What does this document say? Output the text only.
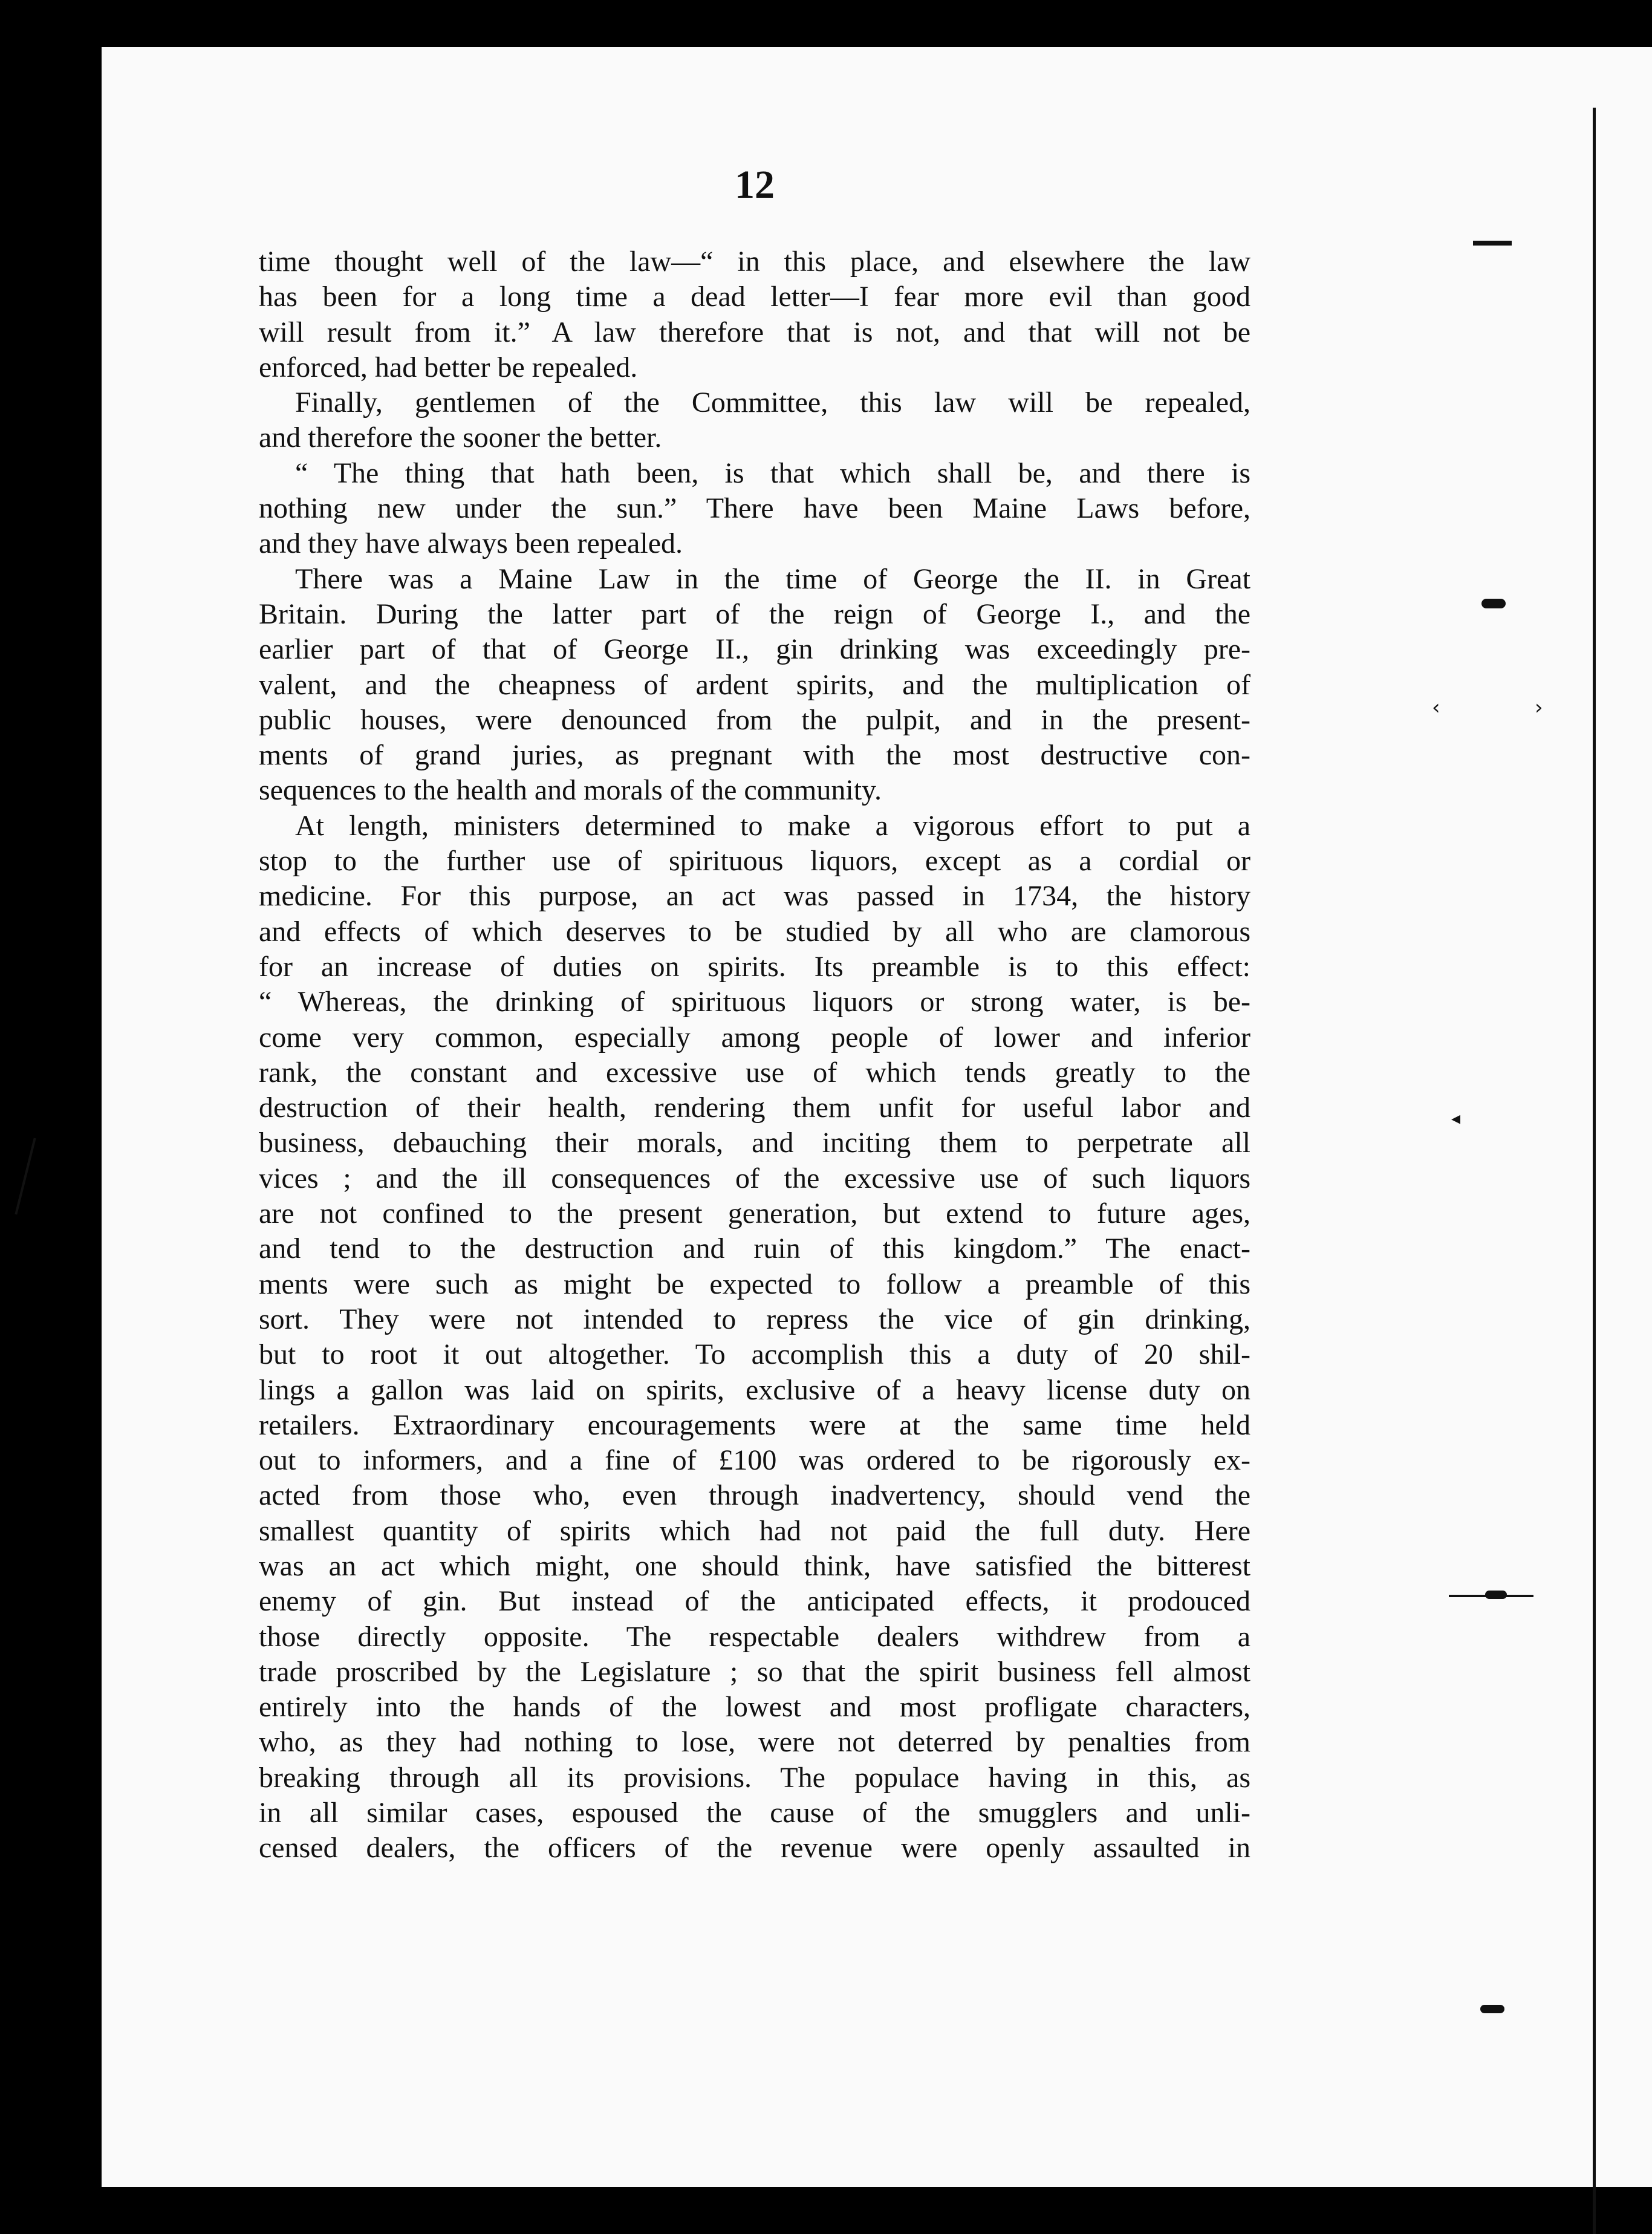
12
‹	›
◂
time thought well of the law—“ in this place, and elsewhere the law
has been for a long time a dead letter—I fear more evil than good
will result from it.” A law therefore that is not, and that will not be
enforced, had better be repealed.
Finally, gentlemen of the Committee, this law will be repealed,
and therefore the sooner the better.
“ The thing that hath been, is that which shall be, and there is
nothing new under the sun.” There have been Maine Laws before,
and they have always been repealed.
There was a Maine Law in the time of George the II. in Great
Britain. During the latter part of the reign of George I., and the
earlier part of that of George II., gin drinking was exceedingly pre-
valent, and the cheapness of ardent spirits, and the multiplication of
public houses, were denounced from the pulpit, and in the present-
ments of grand juries, as pregnant with the most destructive con-
sequences to the health and morals of the community.
At length, ministers determined to make a vigorous effort to put a
stop to the further use of spirituous liquors, except as a cordial or
medicine. For this purpose, an act was passed in 1734, the history
and effects of which deserves to be studied by all who are clamorous
for an increase of duties on spirits. Its preamble is to this effect:
“ Whereas, the drinking of spirituous liquors or strong water, is be-
come very common, especially among people of lower and inferior
rank, the constant and excessive use of which tends greatly to the
destruction of their health, rendering them unfit for useful labor and
business, debauching their morals, and inciting them to perpetrate all
vices ; and the ill consequences of the excessive use of such liquors
are not confined to the present generation, but extend to future ages,
and tend to the destruction and ruin of this kingdom.” The enact-
ments were such as might be expected to follow a preamble of this
sort. They were not intended to repress the vice of gin drinking,
but to root it out altogether. To accomplish this a duty of 20 shil-
lings a gallon was laid on spirits, exclusive of a heavy license duty on
retailers. Extraordinary encouragements were at the same time held
out to informers, and a fine of £100 was ordered to be rigorously ex-
acted from those who, even through inadvertency, should vend the
smallest quantity of spirits which had not paid the full duty. Here
was an act which might, one should think, have satisfied the bitterest
enemy of gin. But instead of the anticipated effects, it prodouced
those directly opposite. The respectable dealers withdrew from a
trade proscribed by the Legislature ; so that the spirit business fell almost
entirely into the hands of the lowest and most profligate characters,
who, as they had nothing to lose, were not deterred by penalties from
breaking through all its provisions. The populace having in this, as
in all similar cases, espoused the cause of the smugglers and unli-
censed dealers, the officers of the revenue were openly assaulted in
